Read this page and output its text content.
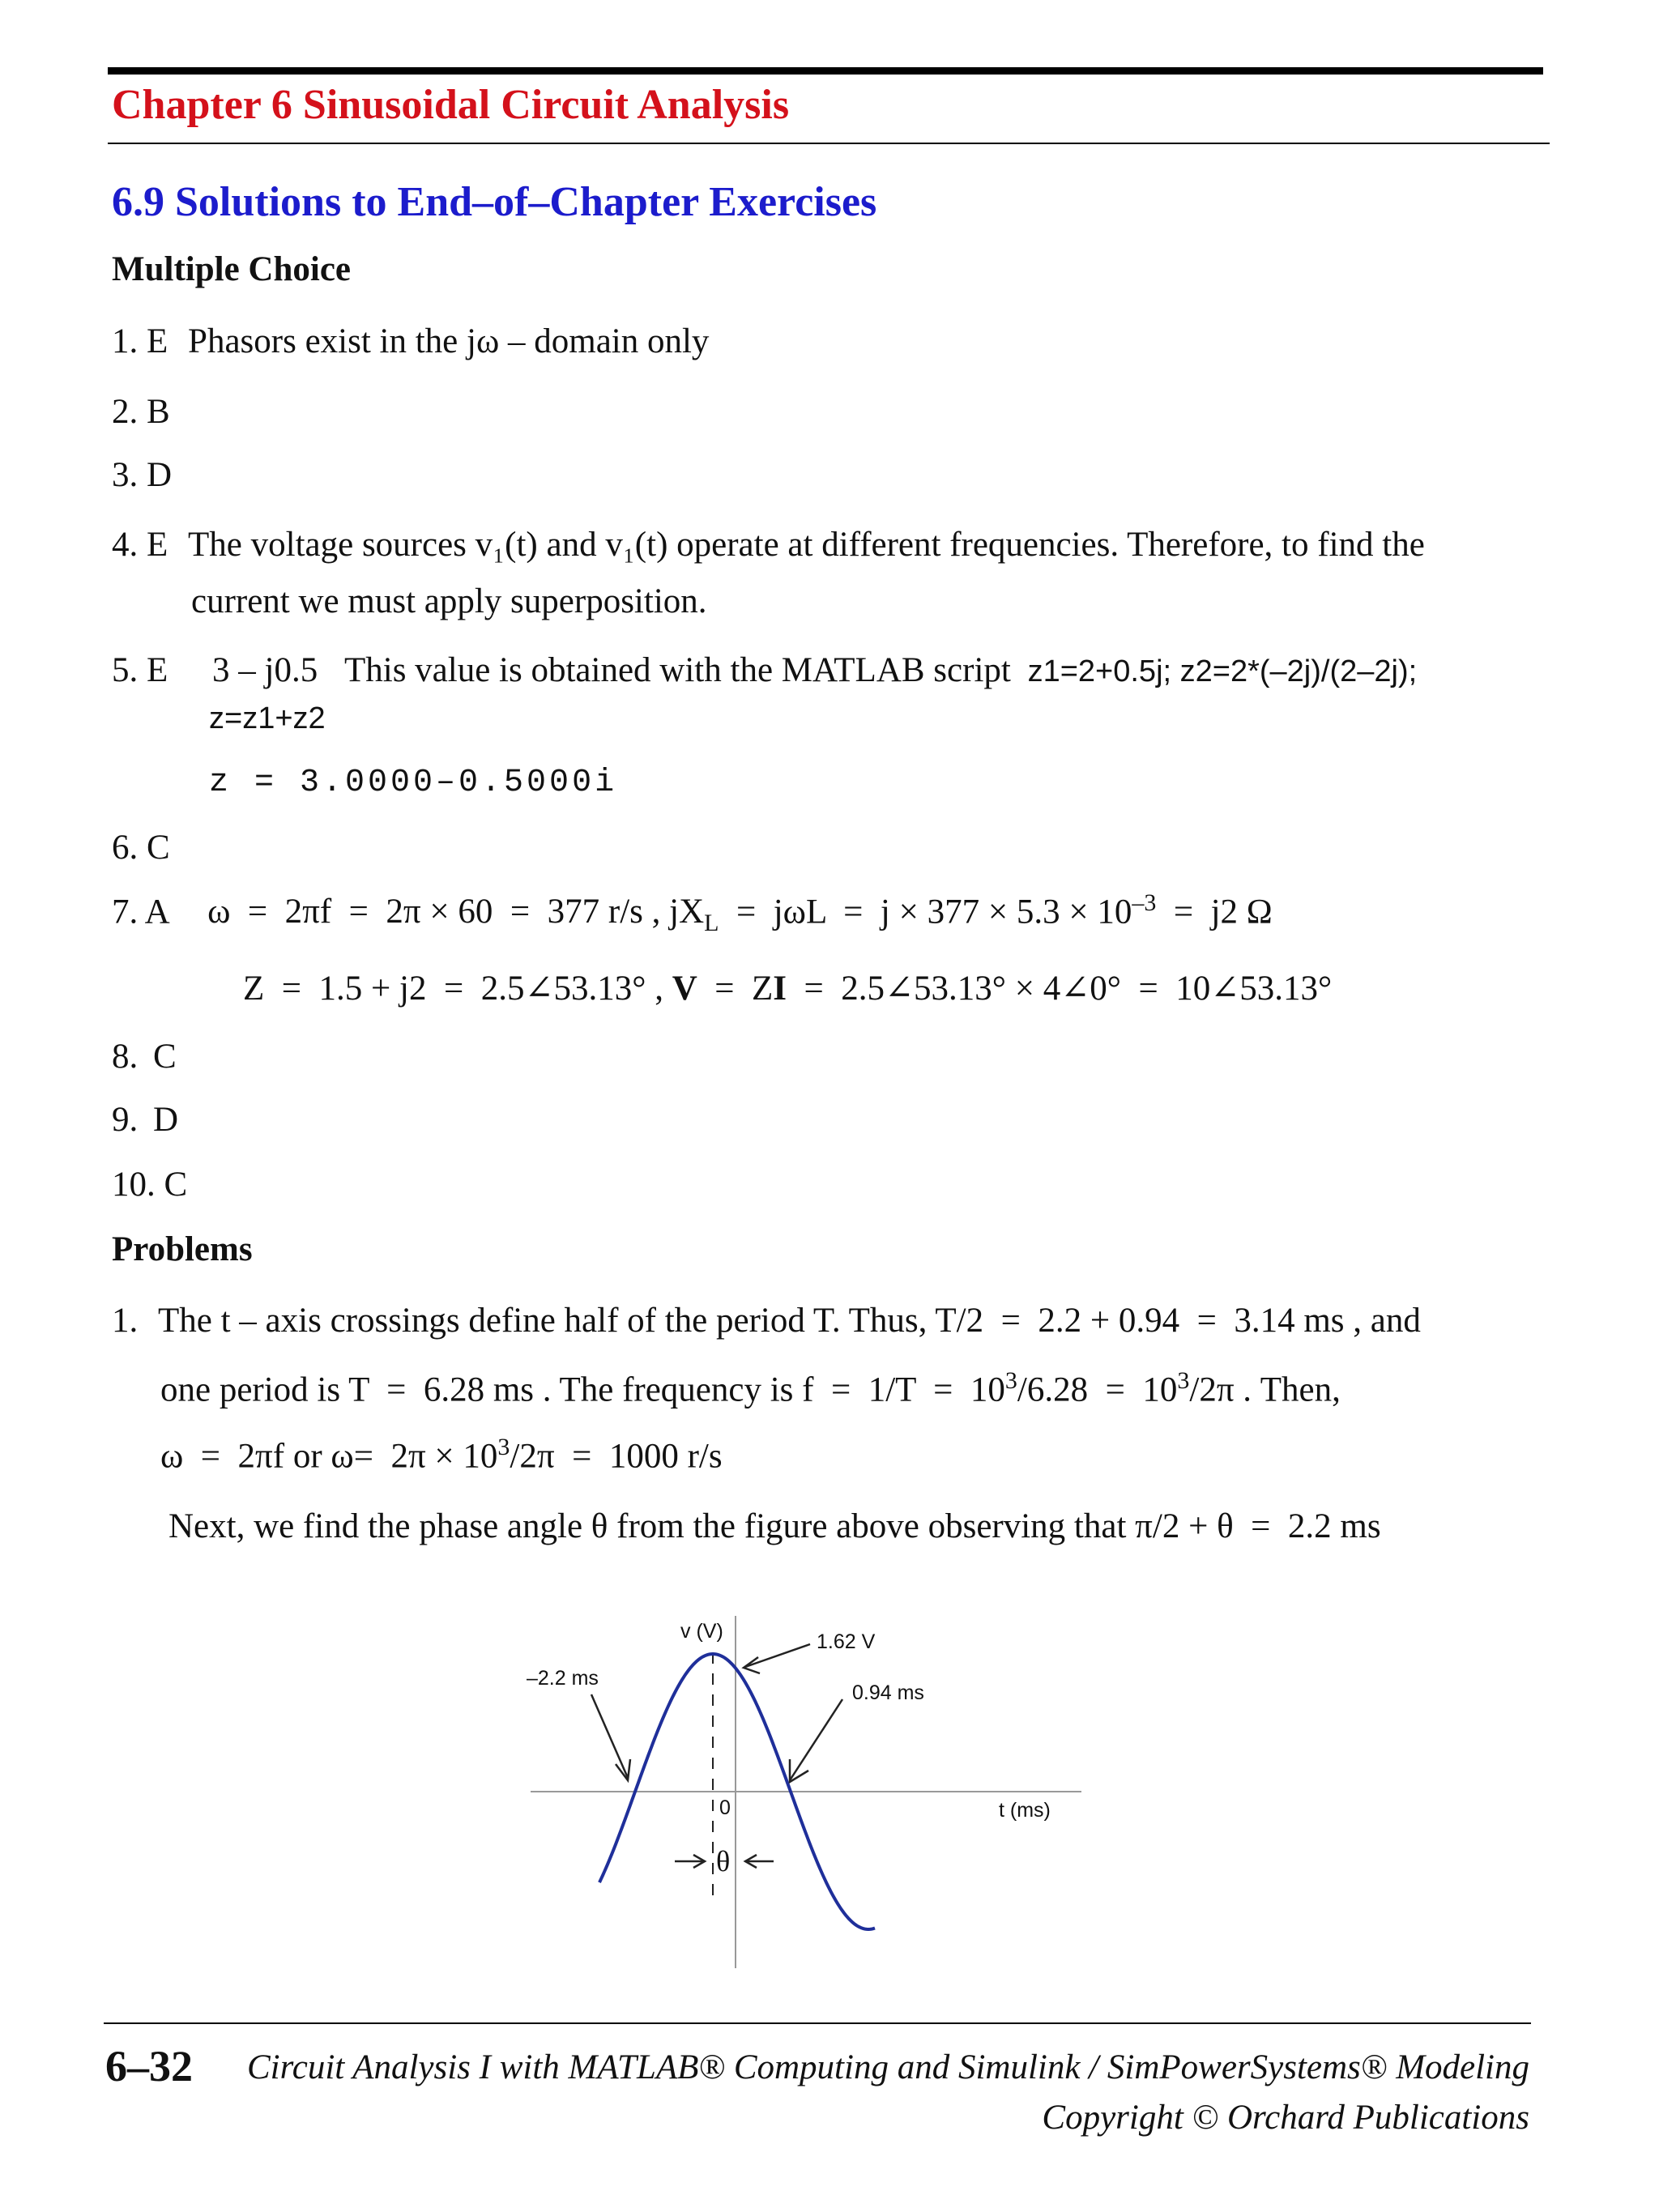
Chapter 6 Sinusoidal Circuit Analysis
6.9 Solutions to End–of–Chapter Exercises
Multiple Choice
1. E Phasors exist in the jω – domain only
2. B
3. D
4. E The voltage sources v₁(t) and v₁(t) operate at different frequencies. Therefore, to find the
current we must apply superposition.
5. E 3 – j0.5 This value is obtained with the MATLAB script z1=2+0.5j; z2=2*(–2j)/(2–2j);
z=z1+z2
z = 3.0000–0.5000i
6. C
7. A ω  =  2πf  =  2π × 60  =  377 r/s , $jX_L = j\omega L = j \times 377 \times 5.3 \times 10^{-3} = j2$ Ω
Z  =  1.5 + j2  =  2.5∠53.13° , V  =  ZI  =  2.5∠53.13° × 4∠0°  =  10∠53.13°
8. C
9. D
10. C
Problems
1. The t – axis crossings define half of the period T. Thus, T/2  =  2.2 + 0.94  =  3.14 ms , and
one period is T  =  6.28 ms . The frequency is $f = 1/T = 10^3/6.28 = 10^3/2\pi$ . Then,
ω  =  2πf or $\omega= 2\pi \times 10^3/2\pi = 1000$ r/s
Next, we find the phase angle θ from the figure above observing that π/2 + θ  =  2.2 ms
v (V)	1.62 V
–2.2 ms
0.94 ms
0	t (ms)
θ
6–32 Circuit Analysis I with MATLAB® Computing and Simulink / SimPowerSystems® Modeling
Copyright © Orchard Publications
